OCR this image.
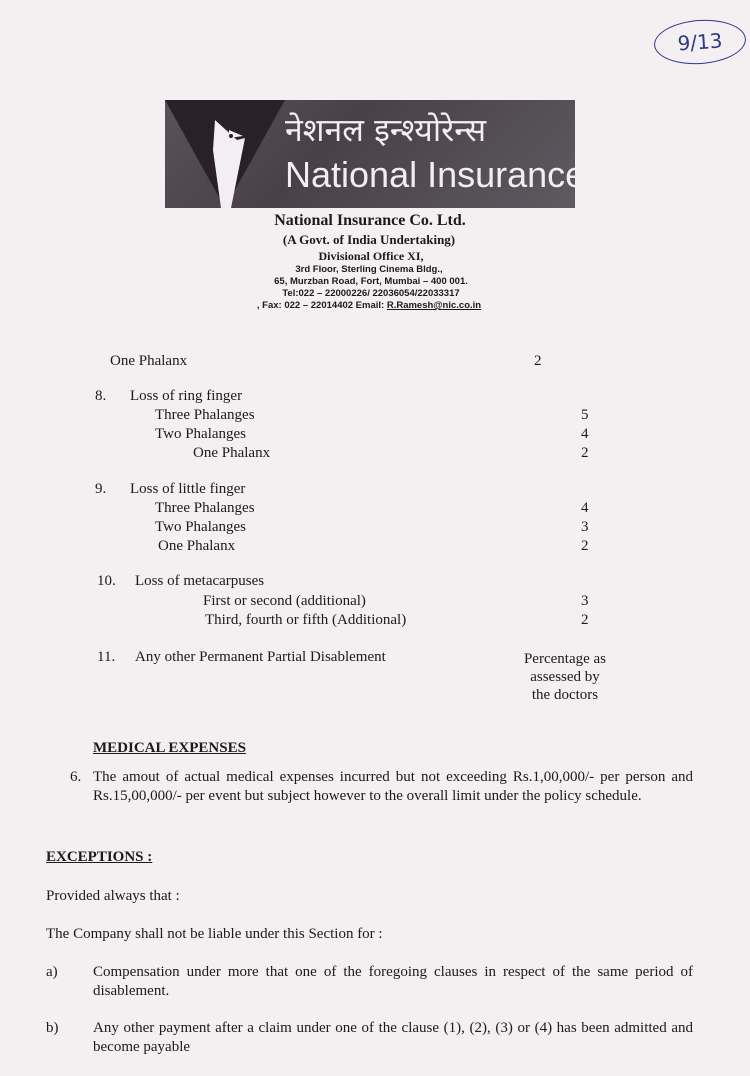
9/13
नेशनल इन्श्योरेन्स
National Insurance
National Insurance Co. Ltd.
(A Govt. of India Undertaking)
Divisional Office XI,
3rd Floor, Sterling Cinema Bldg.,
65, Murzban Road, Fort, Mumbai – 400 001.
Tel:022 – 22000226/ 22036054/22033317
, Fax: 022 – 22014402 Email: R.Ramesh@nic.co.in
One Phalanx	2
8. Loss of ring finger
Three Phalanges	5
Two Phalanges	4
One Phalanx	2
9. Loss of little finger
Three Phalanges	4
Two Phalanges	3
One Phalanx	2
10. Loss of metacarpuses
First or second (additional)	3
Third, fourth or fifth (Additional)	2
11. Any other Permanent Partial Disablement	Percentage as
assessed by
the doctors
MEDICAL EXPENSES
6. The amout of actual medical expenses incurred but not exceeding Rs.1,00,000/- per person and Rs.15,00,000/- per event but subject however to the overall limit under the policy schedule.
EXCEPTIONS :
Provided always that :
The Company shall not be liable under this Section for :
a) Compensation under more that one of the foregoing clauses in respect of the same period of disablement.
b) Any other payment after a claim under one of the clause (1), (2), (3) or (4) has been admitted and become payable
